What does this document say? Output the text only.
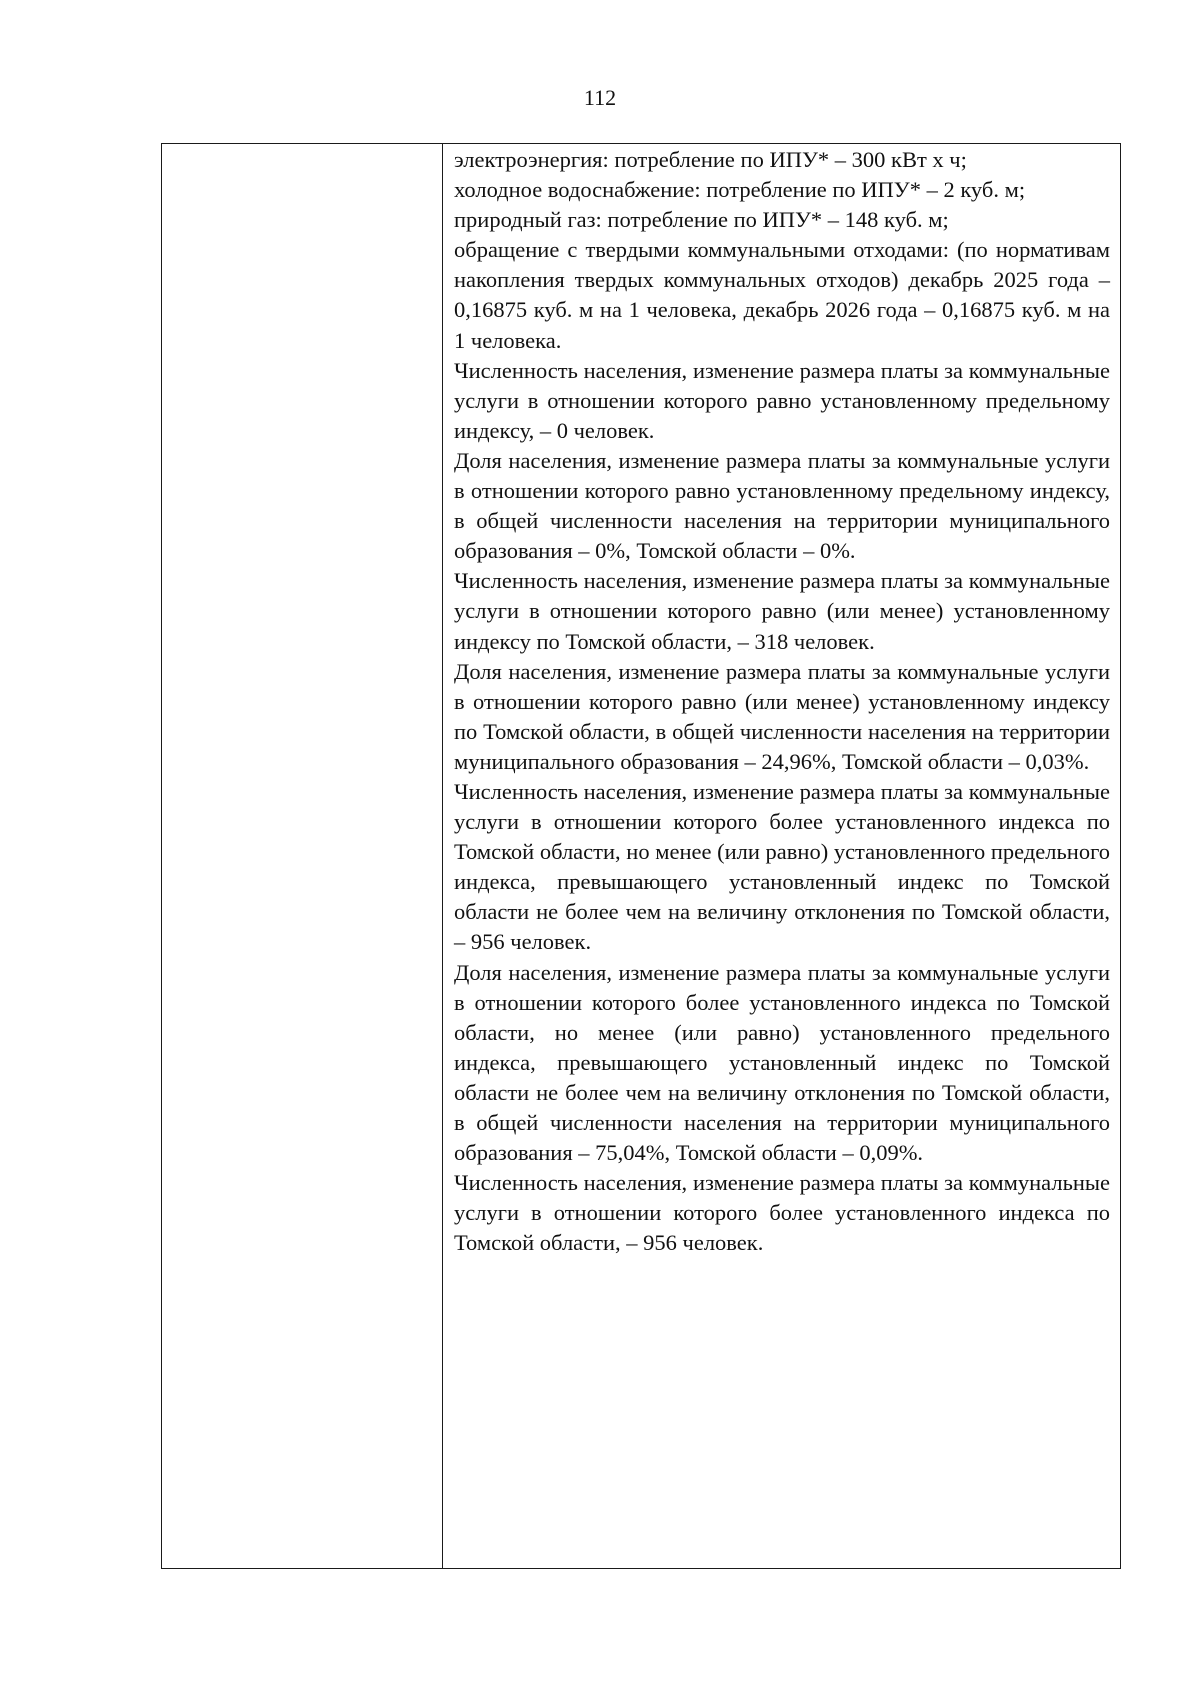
112

электроэнергия: потребление по ИПУ* – 300 кВт х ч;

холодное водоснабжение: потребление по ИПУ* – 2 куб. м;

природный газ: потребление по ИПУ* – 148 куб. м;

обращение с твердыми коммунальными отходами: (по нормативам накопления твердых коммунальных отходов) декабрь 2025 года – 0,16875 куб. м на 1 человека, декабрь 2026 года – 0,16875 куб. м на 1 человека.

Численность населения, изменение размера платы за коммунальные услуги в отношении которого равно установленному предельному индексу, – 0 человек.

Доля населения, изменение размера платы за коммунальные услуги в отношении которого равно установленному предельному индексу, в общей численности населения на территории муниципального образования – 0%, Томской области – 0%.

Численность населения, изменение размера платы за коммунальные услуги в отношении которого равно (или менее) установленному индексу по Томской области, – 318 человек.

Доля населения, изменение размера платы за коммунальные услуги в отношении которого равно (или менее) установленному индексу по Томской области, в общей численности населения на территории муниципального образования – 24,96%, Томской области – 0,03%.

Численность населения, изменение размера платы за коммунальные услуги в отношении которого более установленного индекса по Томской области, но менее (или равно) установленного предельного индекса, превышающего установленный индекс по Томской области не более чем на величину отклонения по Томской области, – 956 человек.

Доля населения, изменение размера платы за коммунальные услуги в отношении которого более установленного индекса по Томской области, но менее (или равно) установленного предельного индекса, превышающего установленный индекс по Томской области не более чем на величину отклонения по Томской области, в общей численности населения на территории муниципального образования – 75,04%, Томской области – 0,09%.

Численность населения, изменение размера платы за коммунальные услуги в отношении которого более установленного индекса по Томской области, – 956 человек.
